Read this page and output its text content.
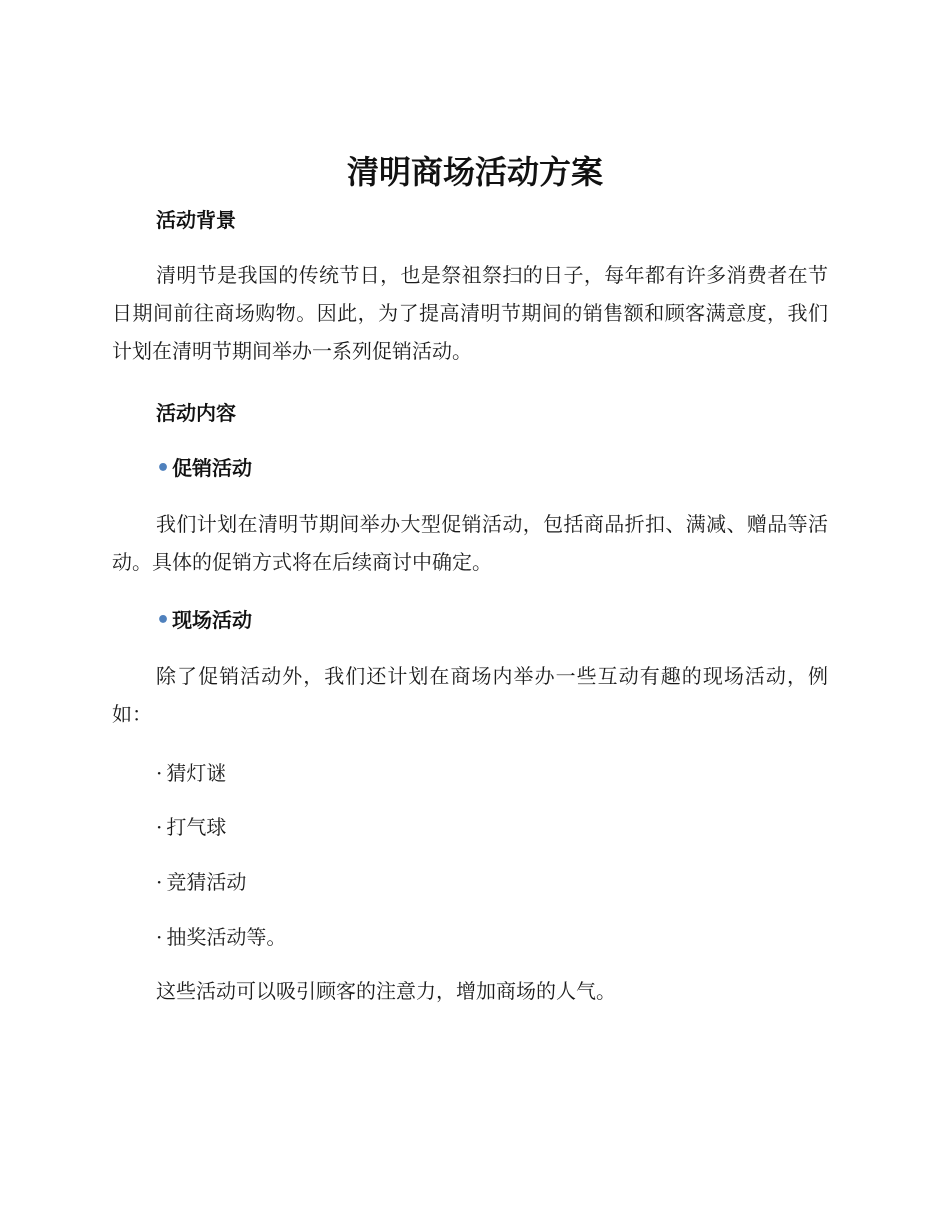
清明商场活动方案
活动背景
清明节是我国的传统节日，也是祭祖祭扫的日子，每年都有许多消费者在节日期间前往商场购物。因此，为了提高清明节期间的销售额和顾客满意度，我们计划在清明节期间举办一系列促销活动。
活动内容
• 促销活动
我们计划在清明节期间举办大型促销活动，包括商品折扣、满减、赠品等活动。具体的促销方式将在后续商讨中确定。
• 现场活动
除了促销活动外，我们还计划在商场内举办一些互动有趣的现场活动，例如：
· 猜灯谜
· 打气球
· 竞猜活动
· 抽奖活动等。
这些活动可以吸引顾客的注意力，增加商场的人气。
